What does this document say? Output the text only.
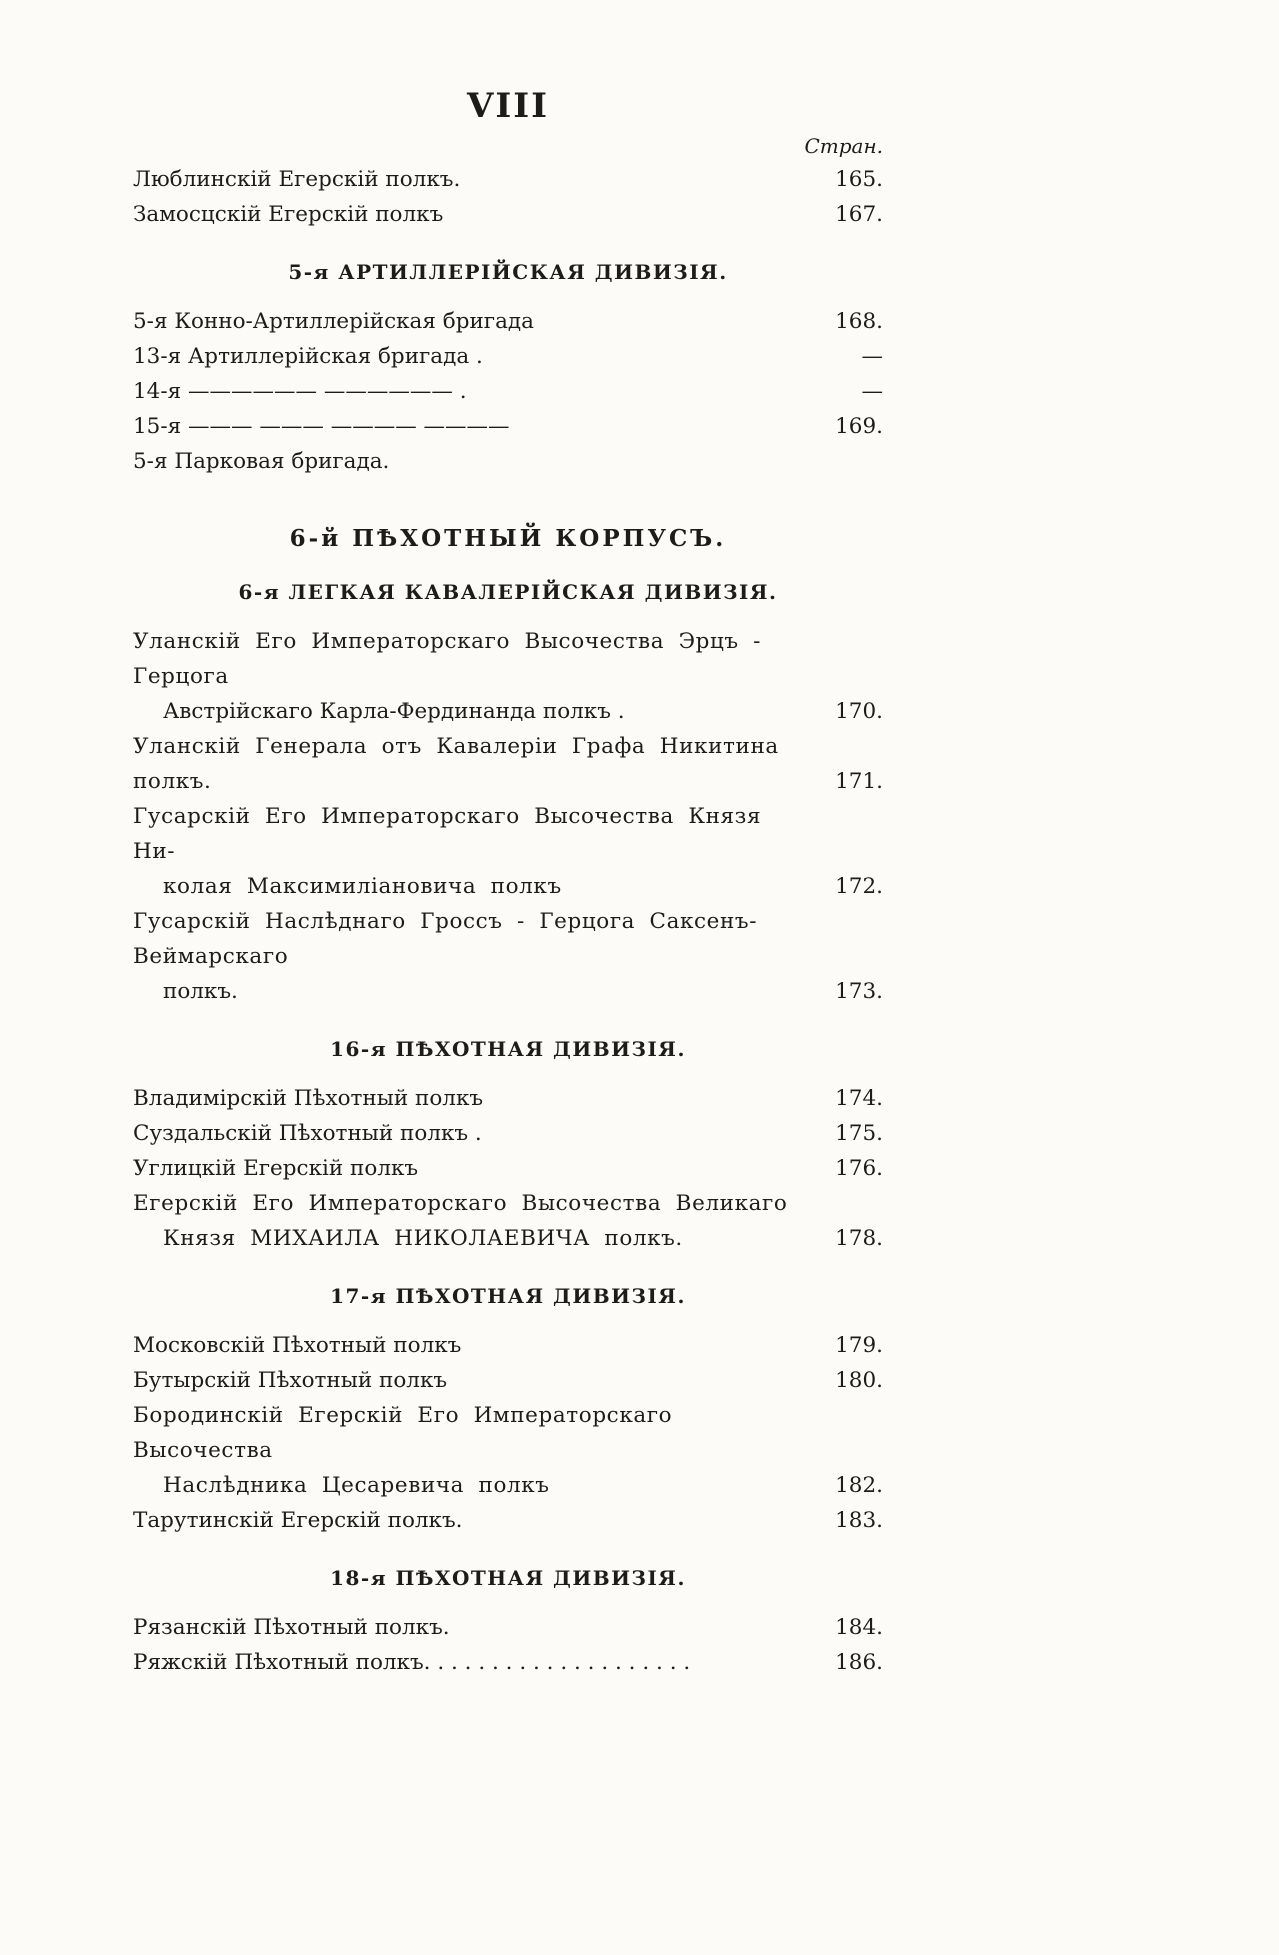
VIII
Стран.
Люблинскій Егерскій полкъ.	165.
Замосцскій Егерскій полкъ	167.
5-я АРТИЛЛЕРІЙСКАЯ ДИВИЗІЯ.
5-я Конно-Артиллерійская бригада	168.
13-я Артиллерійская бригада .	—
14-я —————— —————— .	—
15-я ——— ——— ———— ————	169.
5-я Парковая бригада.
6-й ПѢХОТНЫЙ КОРПУСЪ.
6-я ЛЕГКАЯ КАВАЛЕРІЙСКАЯ ДИВИЗІЯ.
Уланскій Его Императорскаго Высочества Эрцъ - Герцога
Австрійскаго Карла-Фердинанда полкъ .	170.
Уланскій Генерала отъ Кавалеріи Графа Никитина полкъ.	171.
Гусарскій Его Императорскаго Высочества Князя Ни-
колая Максимиліановича полкъ	172.
Гусарскій Наслѣднаго Гроссъ - Герцога Саксенъ-Веймарскаго
полкъ.	173.
16-я ПѢХОТНАЯ ДИВИЗІЯ.
Владимірскій Пѣхотный полкъ	174.
Суздальскій Пѣхотный полкъ .	175.
Углицкій Егерскій полкъ	176.
Егерскій Его Императорскаго Высочества Великаго
Князя МИХАИЛА НИКОЛАЕВИЧА полкъ.	178.
17-я ПѢХОТНАЯ ДИВИЗІЯ.
Московскій Пѣхотный полкъ	179.
Бутырскій Пѣхотный полкъ	180.
Бородинскій Егерскій Его Императорскаго Высочества
Наслѣдника Цесаревича полкъ	182.
Тарутинскій Егерскій полкъ.	183.
18-я ПѢХОТНАЯ ДИВИЗІЯ.
Рязанскій Пѣхотный полкъ.	184.
Ряжскій Пѣхотный полкъ. . . . . . . . . . . . . . . . . . . .	186.
